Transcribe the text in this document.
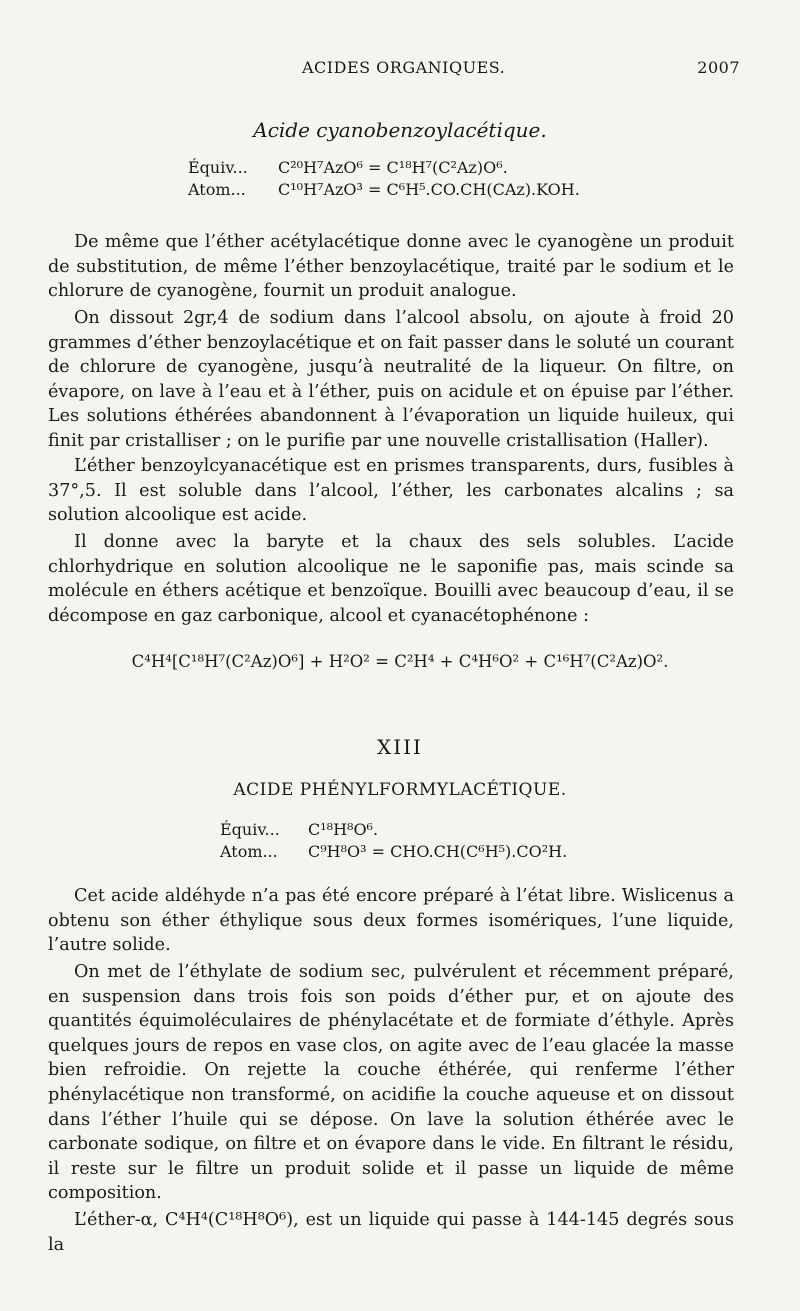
ACIDES ORGANIQUES.	2007
Acide cyanobenzoylacétique.
Équiv... C²⁰H⁷AzO⁶ = C¹⁸H⁷(C²Az)O⁶.
Atom... C¹⁰H⁷AzO³ = C⁶H⁵.CO.CH(CAz).KOH.

De même que l’éther acétylacétique donne avec le cyanogène un produit de substitution, de même l’éther benzoylacétique, traité par le sodium et le chlorure de cyanogène, fournit un produit analogue.

On dissout 2gr,4 de sodium dans l’alcool absolu, on ajoute à froid 20 grammes d’éther benzoylacétique et on fait passer dans le soluté un courant de chlorure de cyanogène, jusqu’à neutralité de la liqueur. On filtre, on évapore, on lave à l’eau et à l’éther, puis on acidule et on épuise par l’éther. Les solutions éthérées abandonnent à l’évaporation un liquide huileux, qui finit par cristalliser ; on le purifie par une nouvelle cristallisation (Haller).

L’éther benzoylcyanacétique est en prismes transparents, durs, fusibles à 37°,5. Il est soluble dans l’alcool, l’éther, les carbonates alcalins ; sa solution alcoolique est acide.

Il donne avec la baryte et la chaux des sels solubles. L’acide chlorhydrique en solution alcoolique ne le saponifie pas, mais scinde sa molécule en éthers acétique et benzoïque. Bouilli avec beaucoup d’eau, il se décompose en gaz carbonique, alcool et cyanacétophénone :

C⁴H⁴[C¹⁸H⁷(C²Az)O⁶] + H²O² = C²H⁴ + C⁴H⁶O² + C¹⁶H⁷(C²Az)O².
XIII
ACIDE PHÉNYLFORMYLACÉTIQUE.
Équiv... C¹⁸H⁸O⁶.
Atom... C⁹H⁸O³ = CHO.CH(C⁶H⁵).CO²H.

Cet acide aldéhyde n’a pas été encore préparé à l’état libre. Wislicenus a obtenu son éther éthylique sous deux formes isomériques, l’une liquide, l’autre solide.

On met de l’éthylate de sodium sec, pulvérulent et récemment préparé, en suspension dans trois fois son poids d’éther pur, et on ajoute des quantités équimoléculaires de phénylacétate et de formiate d’éthyle. Après quelques jours de repos en vase clos, on agite avec de l’eau glacée la masse bien refroidie. On rejette la couche éthérée, qui renferme l’éther phénylacétique non transformé, on acidifie la couche aqueuse et on dissout dans l’éther l’huile qui se dépose. On lave la solution éthérée avec le carbonate sodique, on filtre et on évapore dans le vide. En filtrant le résidu, il reste sur le filtre un produit solide et il passe un liquide de même composition.

L’éther-α, C⁴H⁴(C¹⁸H⁸O⁶), est un liquide qui passe à 144-145 degrés sous la
